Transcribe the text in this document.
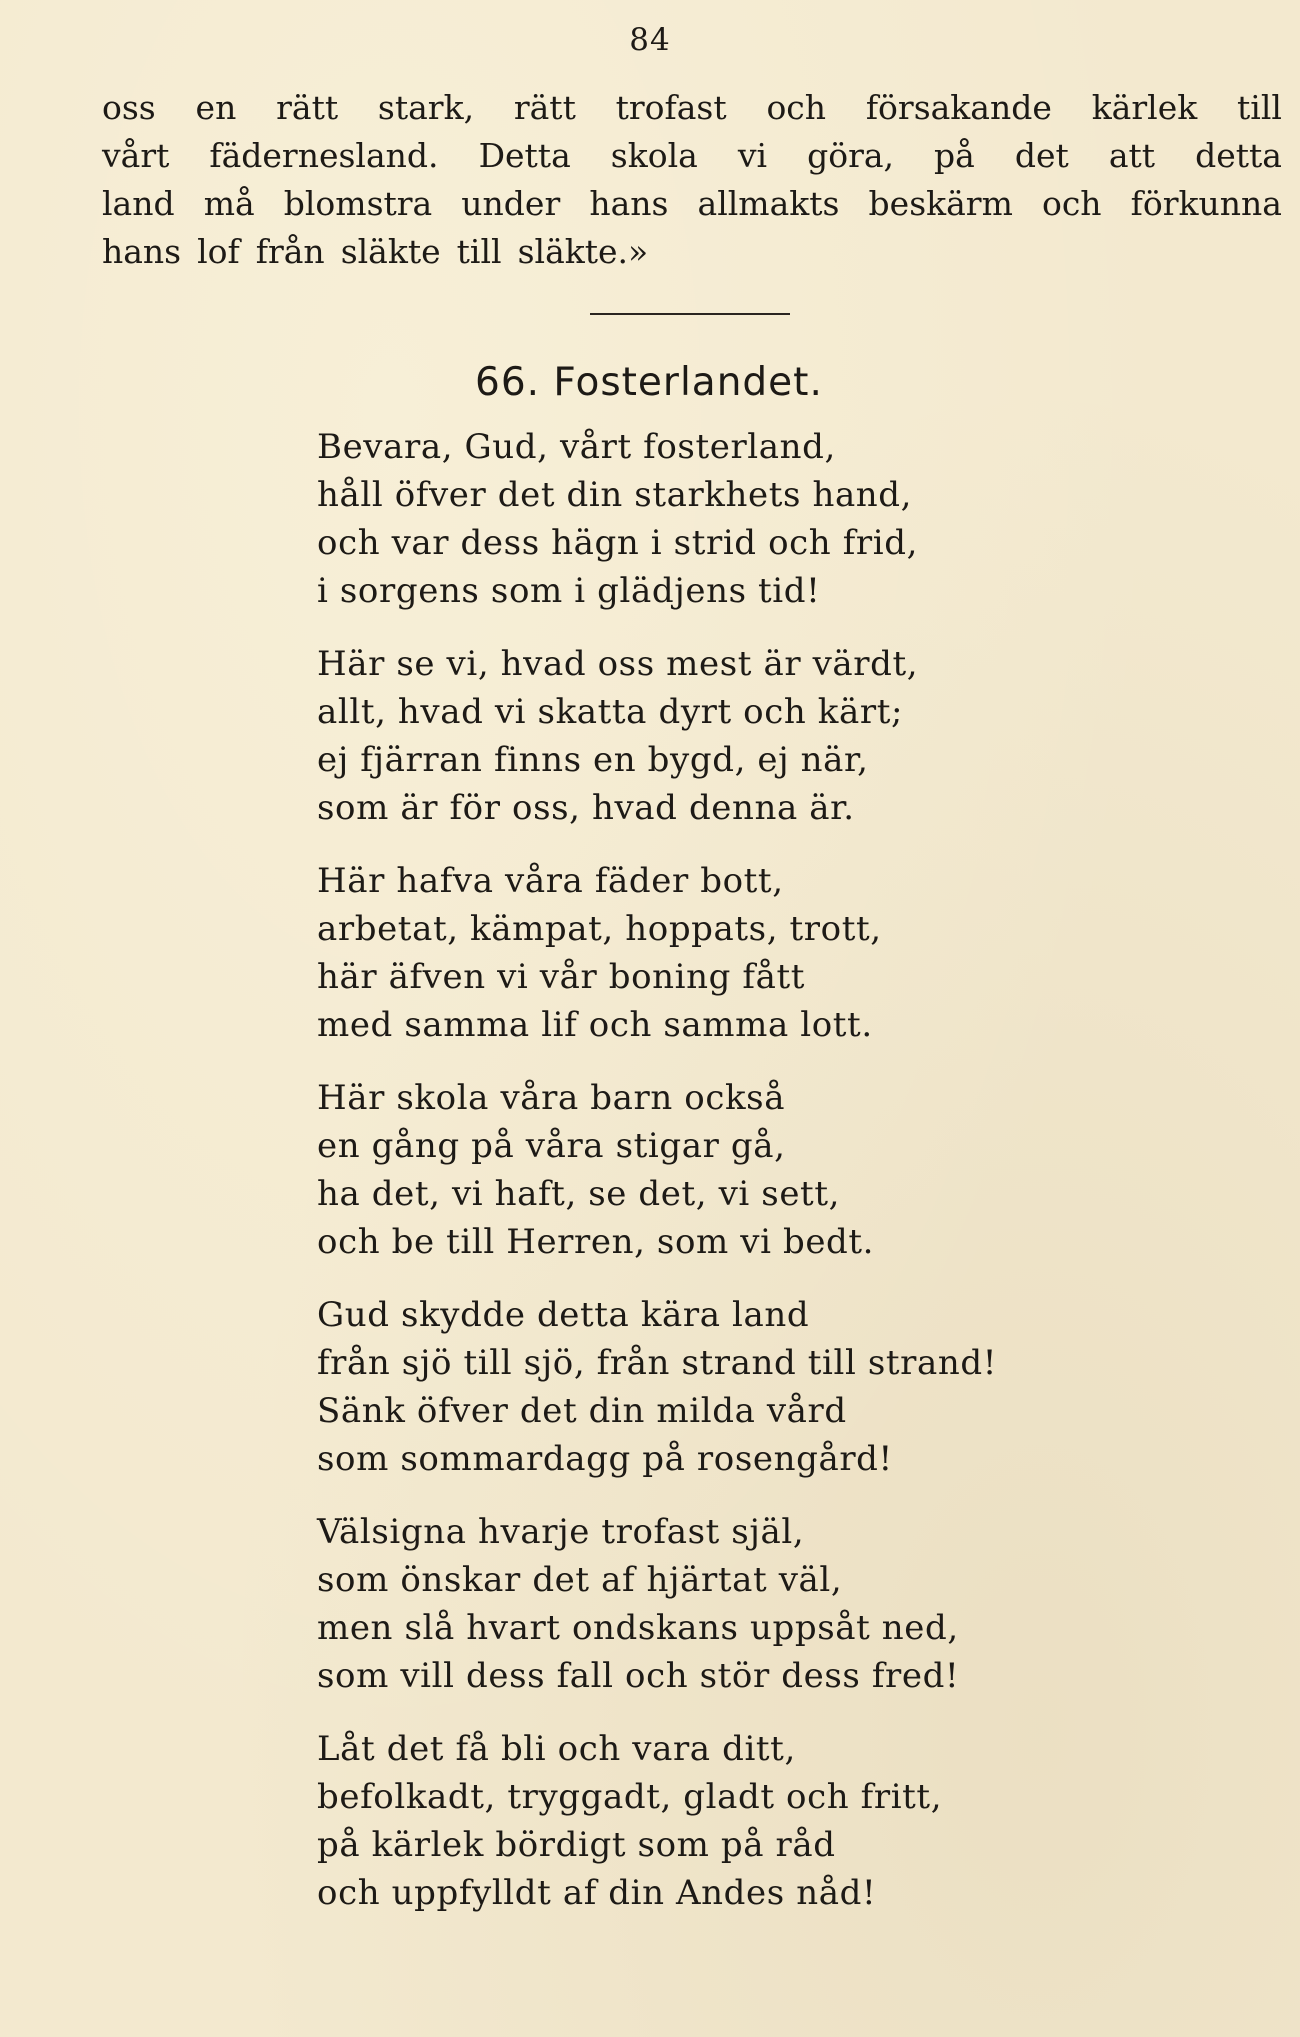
84
oss en rätt stark, rätt trofast och försakande kärlek till
vårt fädernesland. Detta skola vi göra, på det att detta
land må blomstra under hans allmakts beskärm och förkunna
hans lof från släkte till släkte.»
66. Fosterlandet.
Bevara, Gud, vårt fosterland,
håll öfver det din starkhets hand,
och var dess hägn i strid och frid,
i sorgens som i glädjens tid!
Här se vi, hvad oss mest är värdt,
allt, hvad vi skatta dyrt och kärt;
ej fjärran finns en bygd, ej när,
som är för oss, hvad denna är.
Här hafva våra fäder bott,
arbetat, kämpat, hoppats, trott,
här äfven vi vår boning fått
med samma lif och samma lott.
Här skola våra barn också
en gång på våra stigar gå,
ha det, vi haft, se det, vi sett,
och be till Herren, som vi bedt.
Gud skydde detta kära land
från sjö till sjö, från strand till strand!
Sänk öfver det din milda vård
som sommardagg på rosengård!
Välsigna hvarje trofast själ,
som önskar det af hjärtat väl,
men slå hvart ondskans uppsåt ned,
som vill dess fall och stör dess fred!
Låt det få bli och vara ditt,
befolkadt, tryggadt, gladt och fritt,
på kärlek bördigt som på råd
och uppfylldt af din Andes nåd!
